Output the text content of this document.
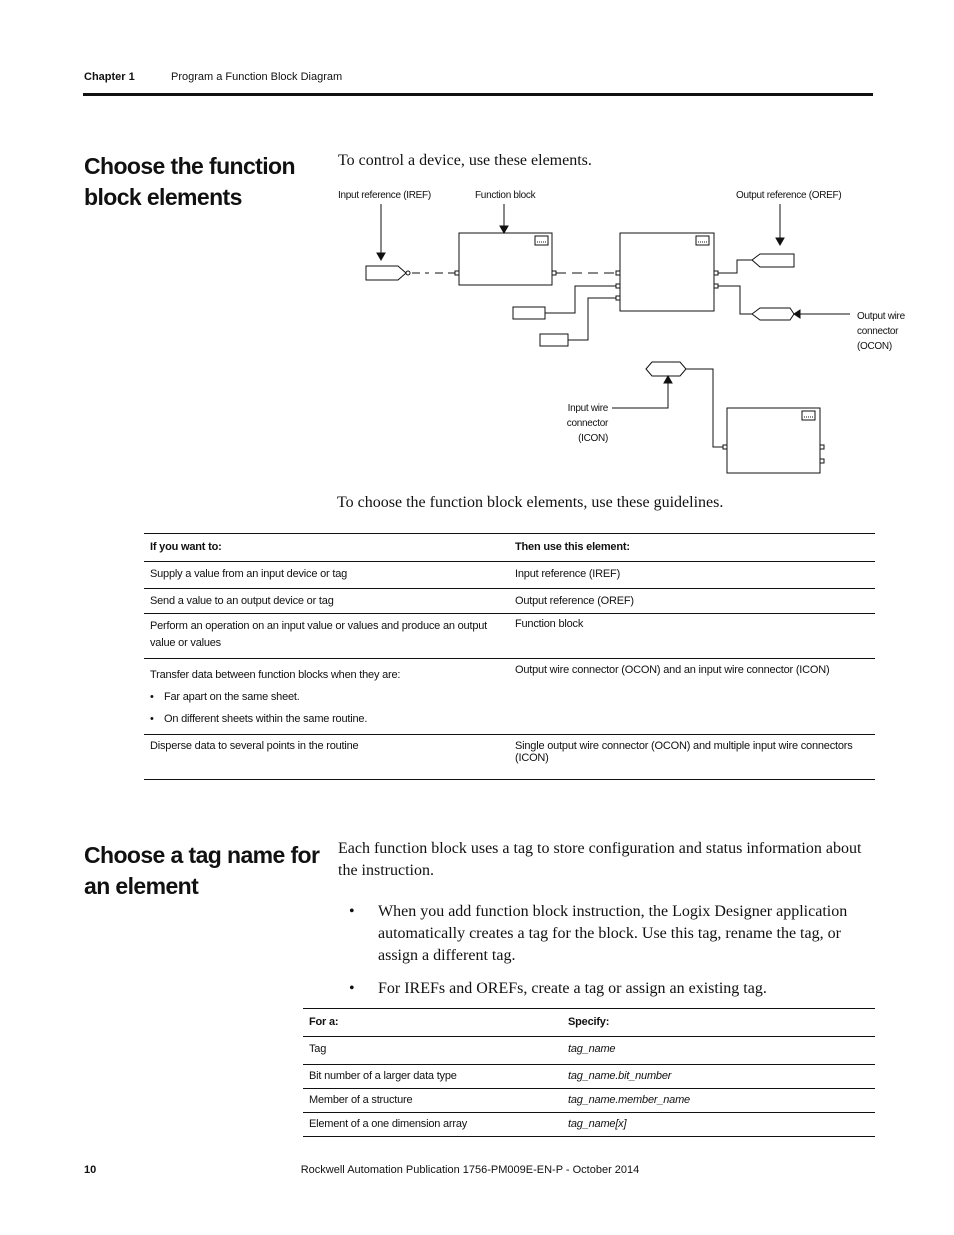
Chapter 1	Program a Function Block Diagram
Choose the function block elements
To control a device, use these elements.
Input reference (IREF)	Function block	Output reference (OREF)
Output wire
connector
(OCON)
Input wire
connector
(ICON)
To choose the function block elements, use these guidelines.
If you want to:	Then use this element:
Supply a value from an input device or tag	Input reference (IREF)
Send a value to an output device or tag	Output reference (OREF)
Perform an operation on an input value or values and produce an output value or values	Function block

Transfer data between function blocks when they are:
• Far apart on the same sheet.
• On different sheets within the same routine.	Output wire connector (OCON) and an input wire connector (ICON)
Disperse data to several points in the routine	Single output wire connector (OCON) and multiple input wire connectors (ICON)
Choose a tag name for an element
Each function block uses a tag to store configuration and status information about the instruction.
• When you add function block instruction, the Logix Designer application automatically creates a tag for the block. Use this tag, rename the tag, or assign a different tag.
• For IREFs and OREFs, create a tag or assign an existing tag.
For a:	Specify:
Tag	tag_name
Bit number of a larger data type	tag_name.bit_number
Member of a structure	tag_name.member_name
Element of a one dimension array	tag_name[x]
10	Rockwell Automation Publication 1756-PM009E-EN-P - October 2014
